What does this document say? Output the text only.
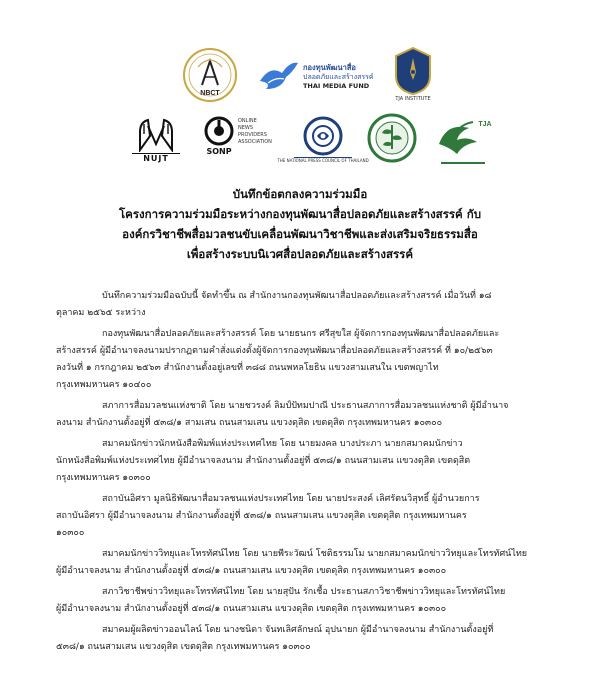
NBCT
กองทุนพัฒนาสื่อ
ปลอดภัยและสร้างสรรค์
THAI MEDIA FUND
TJA INSTITUTE
NUJT
SONP
ONLINE
NEWS
PROVIDERS
ASSOCIATION
THE NATIONAL PRESS COUNCIL OF THAILAND
TJA
บันทึกข้อตกลงความร่วมมือ
โครงการความร่วมมือระหว่างกองทุนพัฒนาสื่อปลอดภัยและสร้างสรรค์ กับ
องค์กรวิชาชีพสื่อมวลชนขับเคลื่อนพัฒนาวิชาชีพและส่งเสริมจริยธรรมสื่อ
เพื่อสร้างระบบนิเวศสื่อปลอดภัยและสร้างสรรค์
บันทึกความร่วมมือฉบับนี้ จัดทำขึ้น ณ สำนักงานกองทุนพัฒนาสื่อปลอดภัยและสร้างสรรค์ เมื่อวันที่ ๑๘
ตุลาคม ๒๕๖๕ ระหว่าง
กองทุนพัฒนาสื่อปลอดภัยและสร้างสรรค์ โดย นายธนกร ศรีสุขใส ผู้จัดการกองทุนพัฒนาสื่อปลอดภัยและ
สร้างสรรค์ ผู้มีอำนาจลงนามปรากฏตามคำสั่งแต่งตั้งผู้จัดการกองทุนพัฒนาสื่อปลอดภัยและสร้างสรรค์ ที่ ๑๐/๒๕๖๓
ลงวันที่ ๑ กรกฎาคม ๒๕๖๓ สำนักงานตั้งอยู่เลขที่ ๓๘๘ ถนนพหลโยธิน แขวงสามเสนใน เขตพญาไท
กรุงเทพมหานคร ๑๐๔๐๐
สภาการสื่อมวลชนแห่งชาติ โดย นายชวรงค์ ลิมป์ปัทมปาณี ประธานสภาการสื่อมวลชนแห่งชาติ ผู้มีอำนาจ
ลงนาม สำนักงานตั้งอยู่ที่ ๕๓๘/๑ สามเสน ถนนสามเสน แขวงดุสิต เขตดุสิต กรุงเทพมหานคร ๑๐๓๐๐
สมาคมนักข่าวนักหนังสือพิมพ์แห่งประเทศไทย โดย นายมงคล บางประภา นายกสมาคมนักข่าว
นักหนังสือพิมพ์แห่งประเทศไทย ผู้มีอำนาจลงนาม สำนักงานตั้งอยู่ที่ ๕๓๘/๑ ถนนสามเสน แขวงดุสิต เขตดุสิต
กรุงเทพมหานคร ๑๐๓๐๐
สถาบันอิศรา มูลนิธิพัฒนาสื่อมวลชนแห่งประเทศไทย โดย นายประสงค์ เลิศรัตนวิสุทธิ์ ผู้อำนวยการ
สถาบันอิศรา ผู้มีอำนาจลงนาม สำนักงานตั้งอยู่ที่ ๕๓๘/๑ ถนนสามเสน แขวงดุสิต เขตดุสิต กรุงเทพมหานคร
๑๐๓๐๐
สมาคมนักข่าววิทยุและโทรทัศน์ไทย โดย นายพีระวัฒน์ โชติธรรมโม นายกสมาคมนักข่าววิทยุและโทรทัศน์ไทย
ผู้มีอำนาจลงนาม สำนักงานตั้งอยู่ที่ ๕๓๘/๑ ถนนสามเสน แขวงดุสิต เขตดุสิต กรุงเทพมหานคร ๑๐๓๐๐
สภาวิชาชีพข่าววิทยุและโทรทัศน์ไทย โดย นายสุปัน รักเชื้อ ประธานสภาวิชาชีพข่าววิทยุและโทรทัศน์ไทย
ผู้มีอำนาจลงนาม สำนักงานตั้งอยู่ที่ ๕๓๘/๑ ถนนสามเสน แขวงดุสิต เขตดุสิต กรุงเทพมหานคร ๑๐๓๐๐
สมาคมผู้ผลิตข่าวออนไลน์ โดย นางชนิดา จันทเลิศลักษณ์ อุปนายก ผู้มีอำนาจลงนาม สำนักงานตั้งอยู่ที่
๕๓๘/๑ ถนนสามเสน แขวงดุสิต เขตดุสิต กรุงเทพมหานคร ๑๐๓๐๐
